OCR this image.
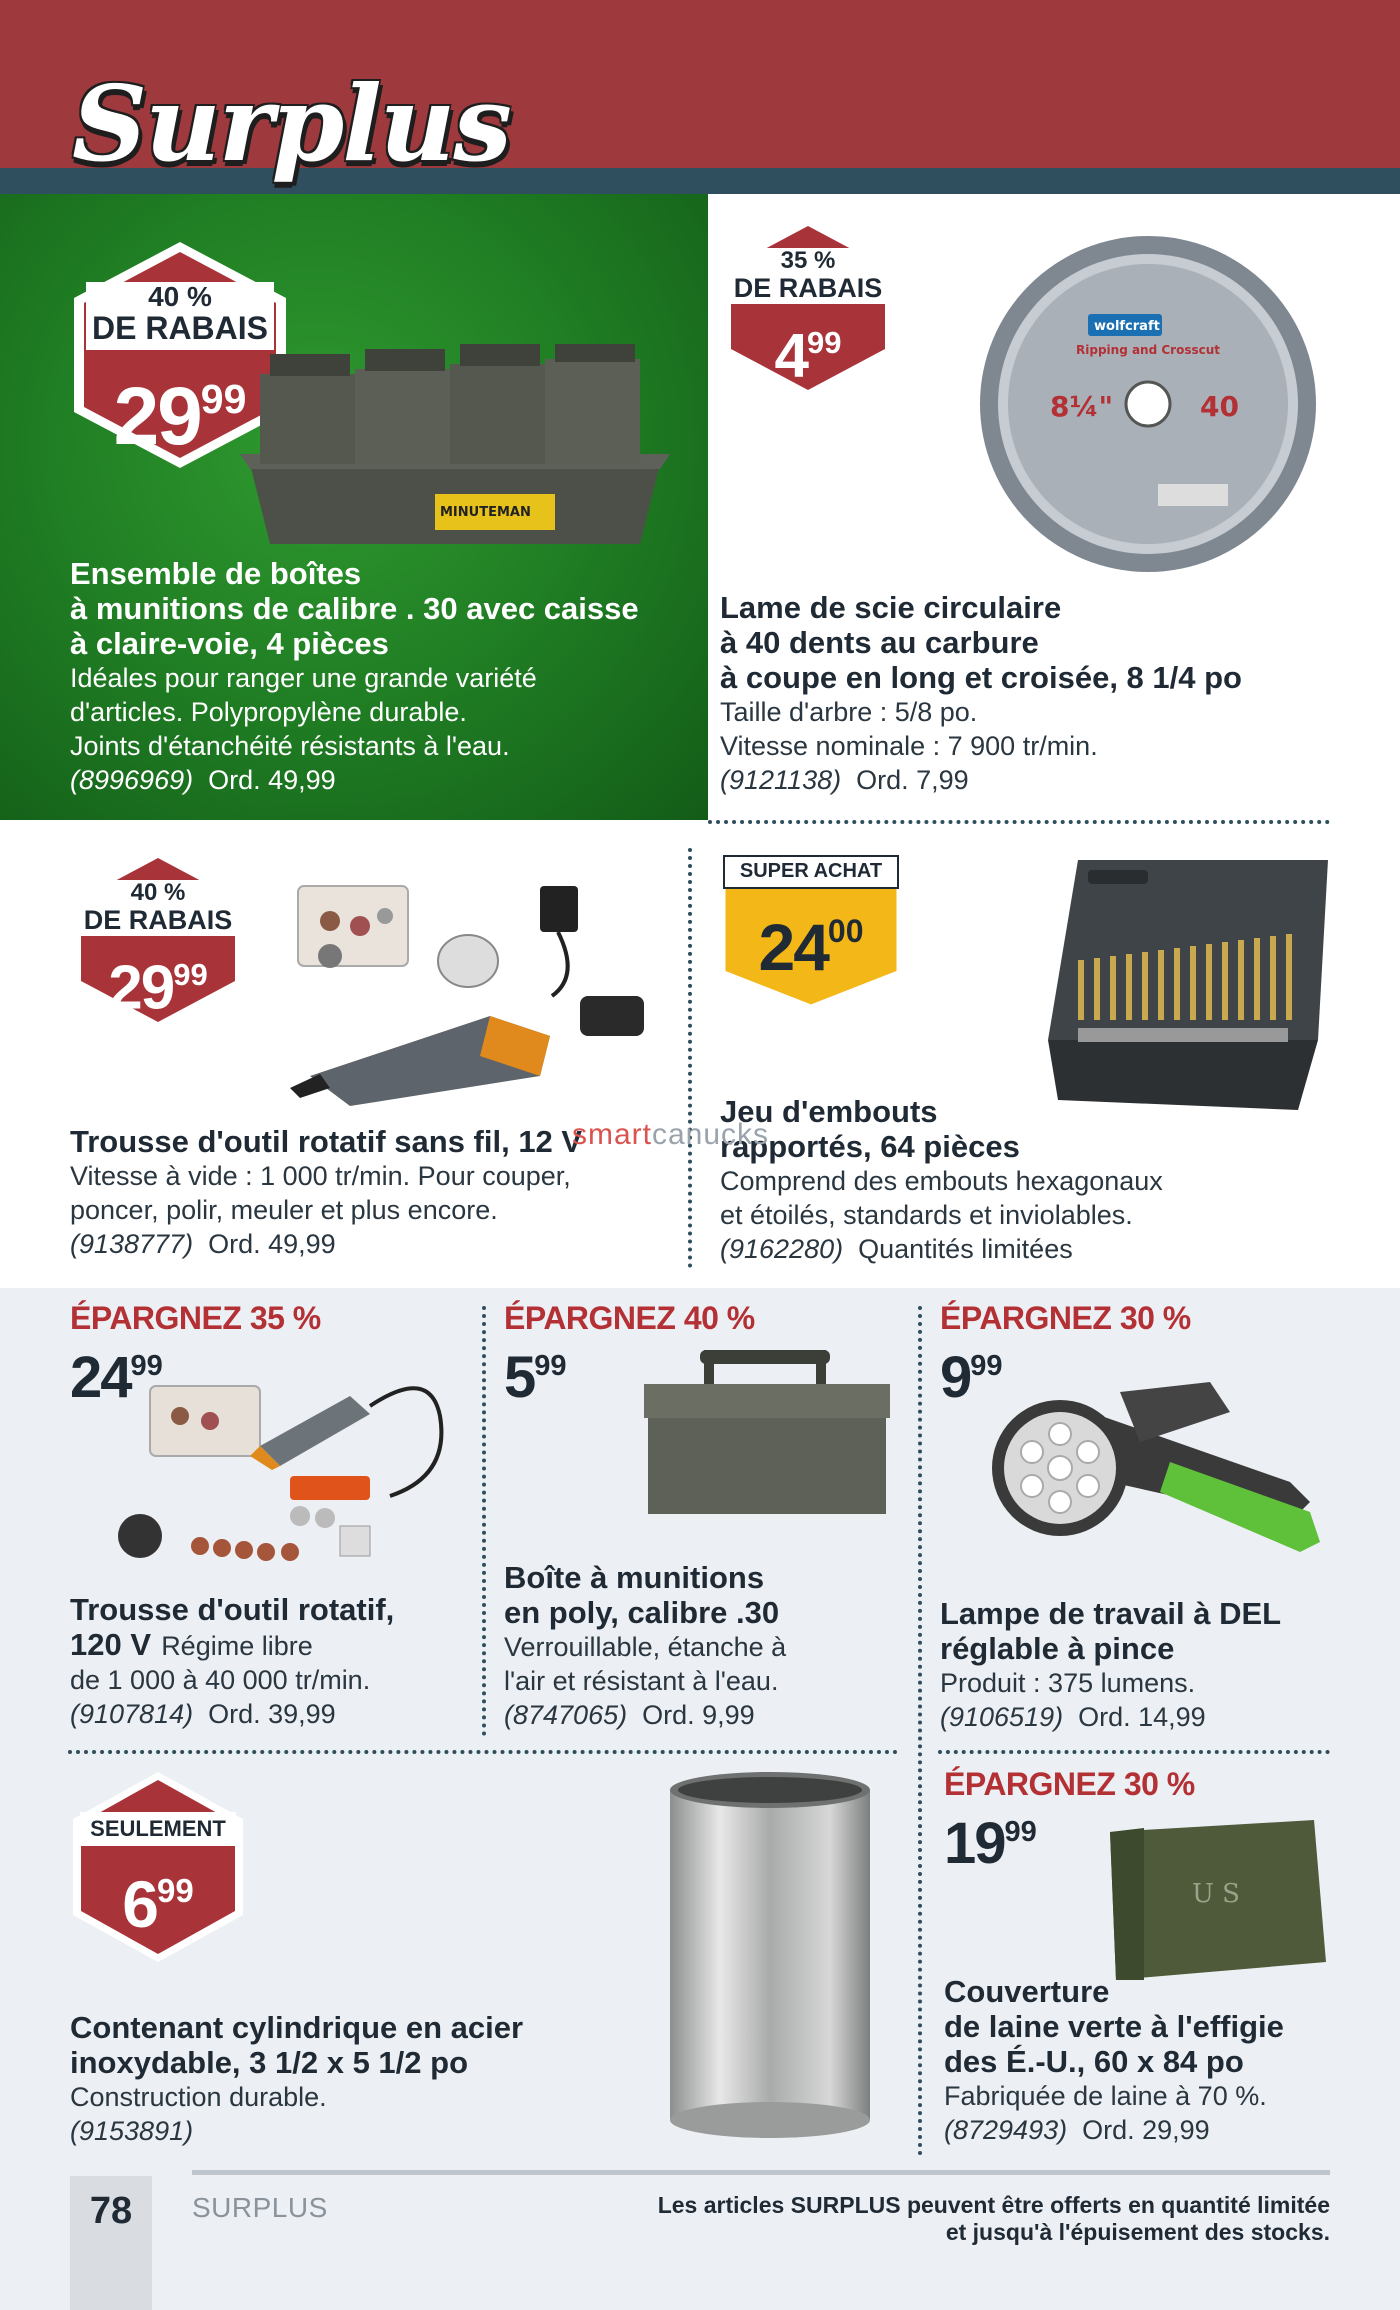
Surplus
40 %
DE RABAIS
$29^{99}$
MINUTEMAN
Ensemble de boîtes
à munitions de calibre . 30 avec caisse
à claire-voie, 4 pièces
Idéales pour ranger une grande variété
d'articles. Polypropylène durable.
Joints d'étanchéité résistants à l'eau.
(8996969) Ord. 49,99
35 %
DE RABAIS
$4^{99}$	wolfcraft
Ripping and Crosscut
8¼"	40
Lame de scie circulaire
à 40 dents au carbure
à coupe en long et croisée, 8 1/4 po
Taille d'arbre : 5/8 po.
Vitesse nominale : 7 900 tr/min.
(9121138) Ord. 7,99
40 %
DE RABAIS
$29^{99}$
Trousse d'outil rotatif sans fil, 12 V
Vitesse à vide : 1 000 tr/min. Pour couper,
poncer, polir, meuler et plus encore.
(9138777) Ord. 49,99
SUPER ACHAT
$24^{00}$
Jeu d'embouts
rapportés, 64 pièces
Comprend des embouts hexagonaux
et étoilés, standards et inviolables.
(9162280) Quantités limitées
smartcanucks
ÉPARGNEZ 35 %
$24^{99}$
Trousse d'outil rotatif,
120 V Régime libre
de 1 000 à 40 000 tr/min.
(9107814) Ord. 39,99
ÉPARGNEZ 40 %
$5^{99}$
Boîte à munitions
en poly, calibre .30
Verrouillable, étanche à
l'air et résistant à l'eau.
(8747065) Ord. 9,99
ÉPARGNEZ 30 %
$9^{99}$
Lampe de travail à DEL
réglable à pince
Produit : 375 lumens.
(9106519) Ord. 14,99
SEULEMENT
$6^{99}$
Contenant cylindrique en acier
inoxydable, 3 1/2 x 5 1/2 po
Construction durable.
(9153891)
ÉPARGNEZ 30 %
$19^{99}$
U S
Couverture
de laine verte à l'effigie
des É.-U., 60 x 84 po
Fabriquée de laine à 70 %.
(8729493) Ord. 29,99
78	SURPLUS	Les articles SURPLUS peuvent être offerts en quantité limitée
et jusqu'à l'épuisement des stocks.
